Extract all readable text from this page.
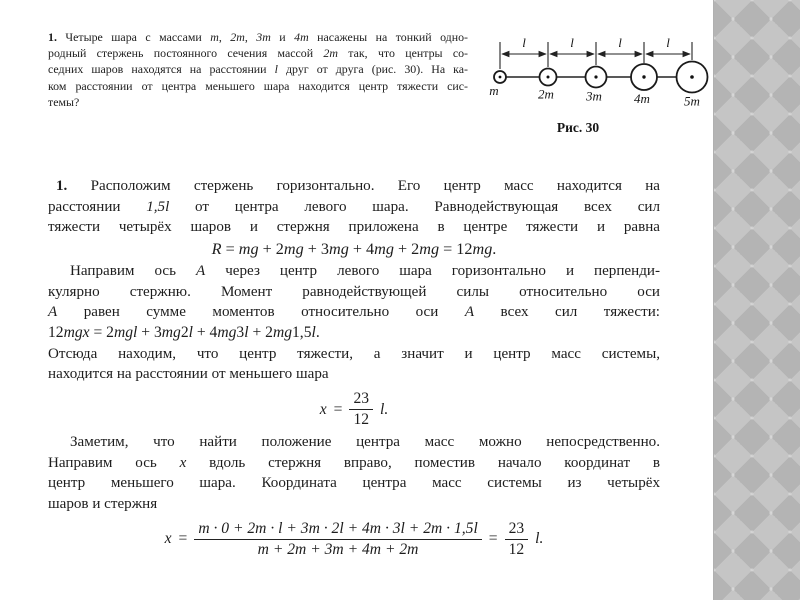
1. Четыре шара с массами m, 2m, 3m и 4m насажены на тонкий одно-
родный стержень постоянного сечения массой 2m так, что центры со-
седних шаров находятся на расстоянии l друг от друга (рис. 30). На ка-
ком расстоянии от центра меньшего шара находится центр тяжести сис-
темы?
l	l	l	l
m	2m 3m 4m	5m
Рис. 30
1. Расположим стержень горизонтально. Его центр масс находится на
расстоянии 1,5l от центра левого шара. Равнодействующая всех сил
тяжести четырёх шаров и стержня приложена в центре тяжести и равна
R = mg + 2mg + 3mg + 4mg + 2mg = 12mg.
Направим ось A через центр левого шара горизонтально и перпенди-
кулярно стержню. Момент равнодействующей силы относительно оси
A равен сумме моментов относительно оси A всех сил тяжести:
12mgx = 2mgl + 3mg2l + 4mg3l + 2mg1,5l.
Отсюда находим, что центр тяжести, а значит и центр масс системы,
находится на расстоянии от меньшего шара
$x = \frac{23}{12} l$.
Заметим, что найти положение центра масс можно непосредственно.
Направим ось x вдоль стержня вправо, поместив начало координат в
центр меньшего шара. Координата центра масс системы из четырёх
шаров и стержня
$x = \frac{m \cdot 0 + 2m \cdot l + 3m \cdot 2l + 4m \cdot 3l + 2m \cdot 1,5l}{m + 2m + 3m + 4m + 2m} = \frac{23}{12} l$.
